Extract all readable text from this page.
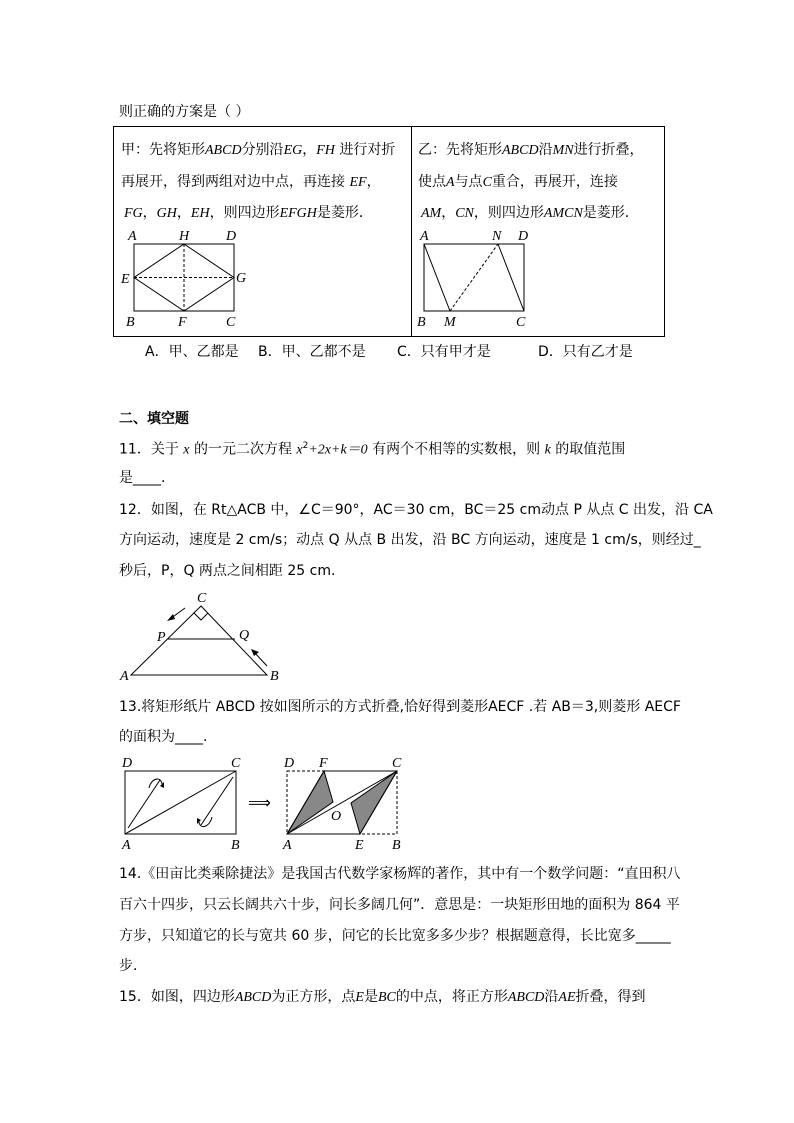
则正确的方案是（ ）
甲：先将矩形ABCD分别沿EG，FH 进行对折
再展开，得到两组对边中点，再连接 EF，
FG，GH，EH，则四边形EFGH是菱形．
乙：先将矩形ABCD沿MN进行折叠，
使点A与点C重合，再展开，连接
AM，CN，则四边形AMCN是菱形．
A	H	D
E	G
B	F	C
A	N D
B M	C
A．甲、乙都是 B．甲、乙都不是 C．只有甲才是	D．只有乙才是
二、填空题
11．关于 x 的一元二次方程 $x^2+2x+k=0$ 有两个不相等的实数根，则 k 的取值范围
是____.
12．如图，在 Rt△ACB 中，∠C＝90°，AC＝30 cm，BC＝25 cm动点 P 从点 C 出发，沿 CA
方向运动，速度是 2 cm/s；动点 Q 从点 B 出发，沿 BC 方向运动，速度是 1 cm/s，则经过_
秒后，P，Q 两点之间相距 25 cm.
C
P	Q
A	B
13.将矩形纸片 ABCD 按如图所示的方式折叠,恰好得到菱形AECF .若 AB＝3,则菱形 AECF
的面积为____.
D	C
A	B
⟹
D F	C
O
A	E B
14.《田亩比类乘除捷法》是我国古代数学家杨辉的著作，其中有一个数学问题：“直田积八
百六十四步，只云长阔共六十步，问长多阔几何”．意思是：一块矩形田地的面积为 864 平
方步，只知道它的长与宽共 60 步，问它的长比宽多多少步？根据题意得，长比宽多_____
步．
15．如图，四边形ABCD为正方形，点E是BC的中点，将正方形ABCD沿AE折叠，得到
